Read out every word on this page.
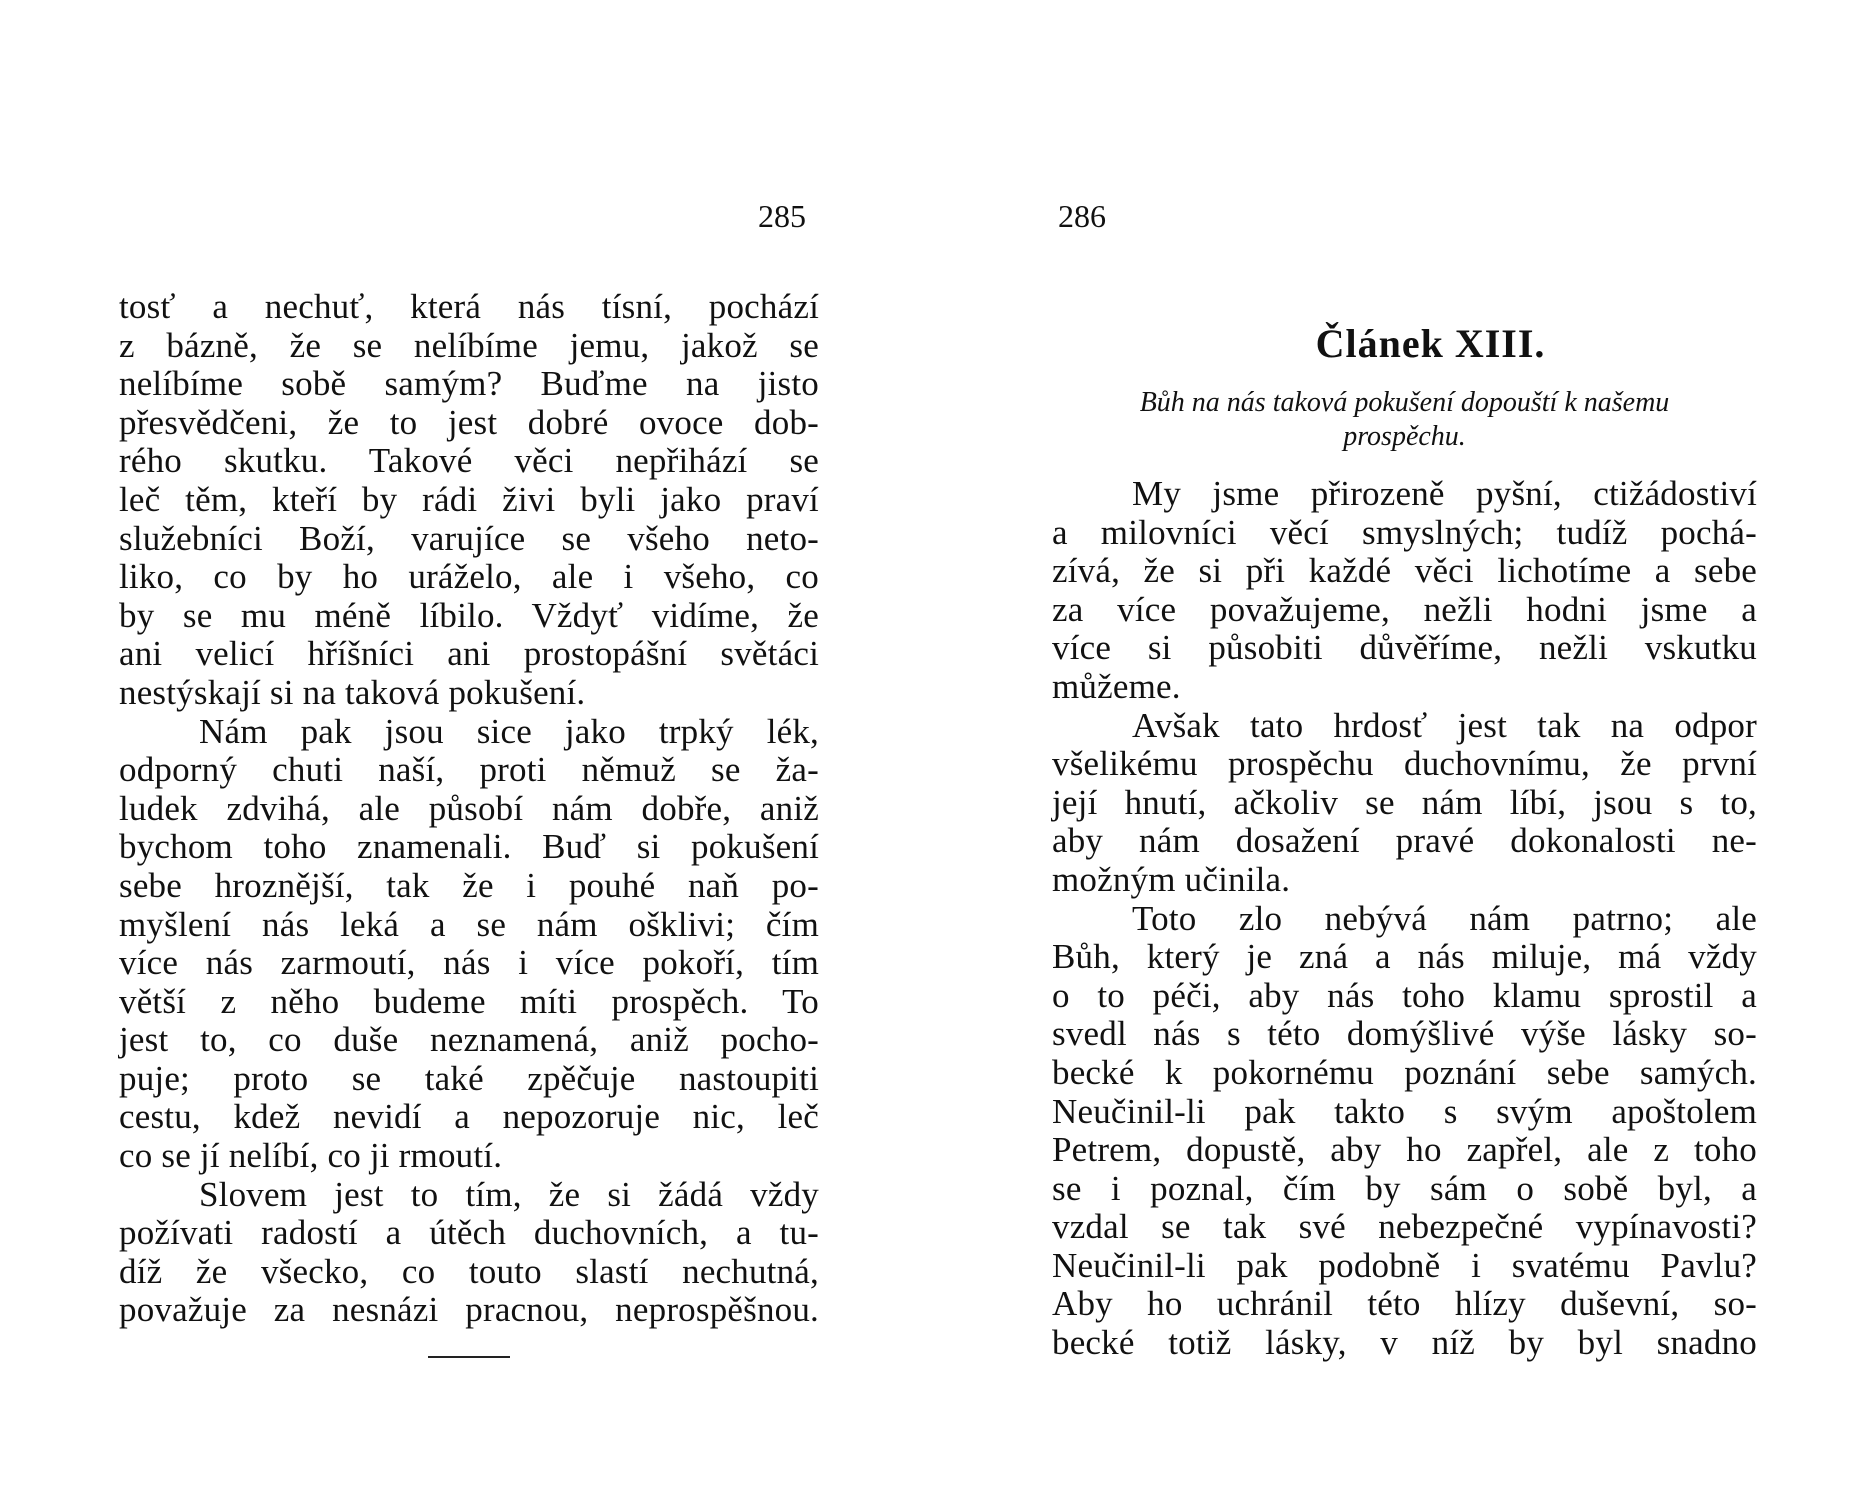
285
tosť a nechuť, která nás tísní, pochází
z bázně, že se nelíbíme jemu, jakož se
nelíbíme sobě samým? Buďme na jisto
přesvědčeni, že to jest dobré ovoce dob-
rého skutku. Takové věci nepřihází se
leč těm, kteří by rádi živi byli jako praví
služebníci Boží, varujíce se všeho neto-
liko, co by ho uráželo, ale i všeho, co
by se mu méně líbilo. Vždyť vidíme, že
ani velicí hříšníci ani prostopášní světáci
nestýskají si na taková pokušení.
Nám pak jsou sice jako trpký lék,
odporný chuti naší, proti němuž se ža-
ludek zdvihá, ale působí nám dobře, aniž
bychom toho znamenali. Buď si pokušení
sebe hroznější, tak že i pouhé naň po-
myšlení nás leká a se nám ošklivi; čím
více nás zarmoutí, nás i více pokoří, tím
větší z něho budeme míti prospěch. To
jest to, co duše neznamená, aniž pocho-
puje; proto se také zpěčuje nastoupiti
cestu, kdež nevidí a nepozoruje nic, leč
co se jí nelíbí, co ji rmoutí.
Slovem jest to tím, že si žádá vždy
požívati radostí a útěch duchovních, a tu-
díž že všecko, co touto slastí nechutná,
považuje za nesnázi pracnou, neprospěšnou.
286
Článek XIII.
Bůh na nás taková pokušení dopouští k našemu
prospěchu.
My jsme přirozeně pyšní, ctižádostiví
a milovníci věcí smyslných; tudíž pochá-
zívá, že si při každé věci lichotíme a sebe
za více považujeme, nežli hodni jsme a
více si působiti důvěříme, nežli vskutku
můžeme.
Avšak tato hrdosť jest tak na odpor
všelikému prospěchu duchovnímu, že první
její hnutí, ačkoliv se nám líbí, jsou s to,
aby nám dosažení pravé dokonalosti ne-
možným učinila.
Toto zlo nebývá nám patrno; ale
Bůh, který je zná a nás miluje, má vždy
o to péči, aby nás toho klamu sprostil a
svedl nás s této domýšlivé výše lásky so-
becké k pokornému poznání sebe samých.
Neučinil-li pak takto s svým apoštolem
Petrem, dopustě, aby ho zapřel, ale z toho
se i poznal, čím by sám o sobě byl, a
vzdal se tak své nebezpečné vypínavosti?
Neučinil-li pak podobně i svatému Pavlu?
Aby ho uchránil této hlízy duševní, so-
becké totiž lásky, v níž by byl snadno
